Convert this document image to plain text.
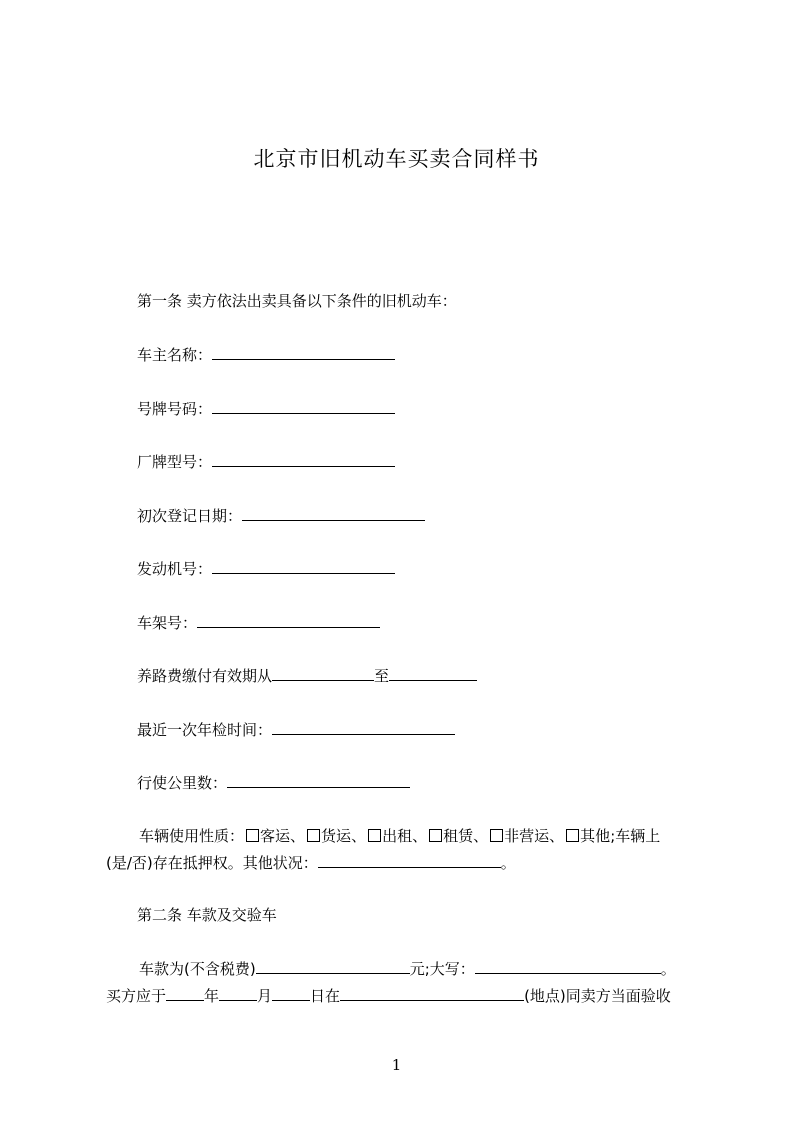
北京市旧机动车买卖合同样书
第一条 卖方依法出卖具备以下条件的旧机动车：
车主名称：
号牌号码：
厂牌型号：
初次登记日期：
发动机号：
车架号：
养路费缴付有效期从	至
最近一次年检时间：
行使公里数：
车辆使用性质： 客运、 货运、 出租、 租赁、 非营运、 其他;车辆上
(是/否)存在抵押权。其他状况：	。
第二条 车款及交验车
车款为(不含税费)	元;大写：	。
买方应于	年	月	日在	(地点)同卖方当面验收
1
